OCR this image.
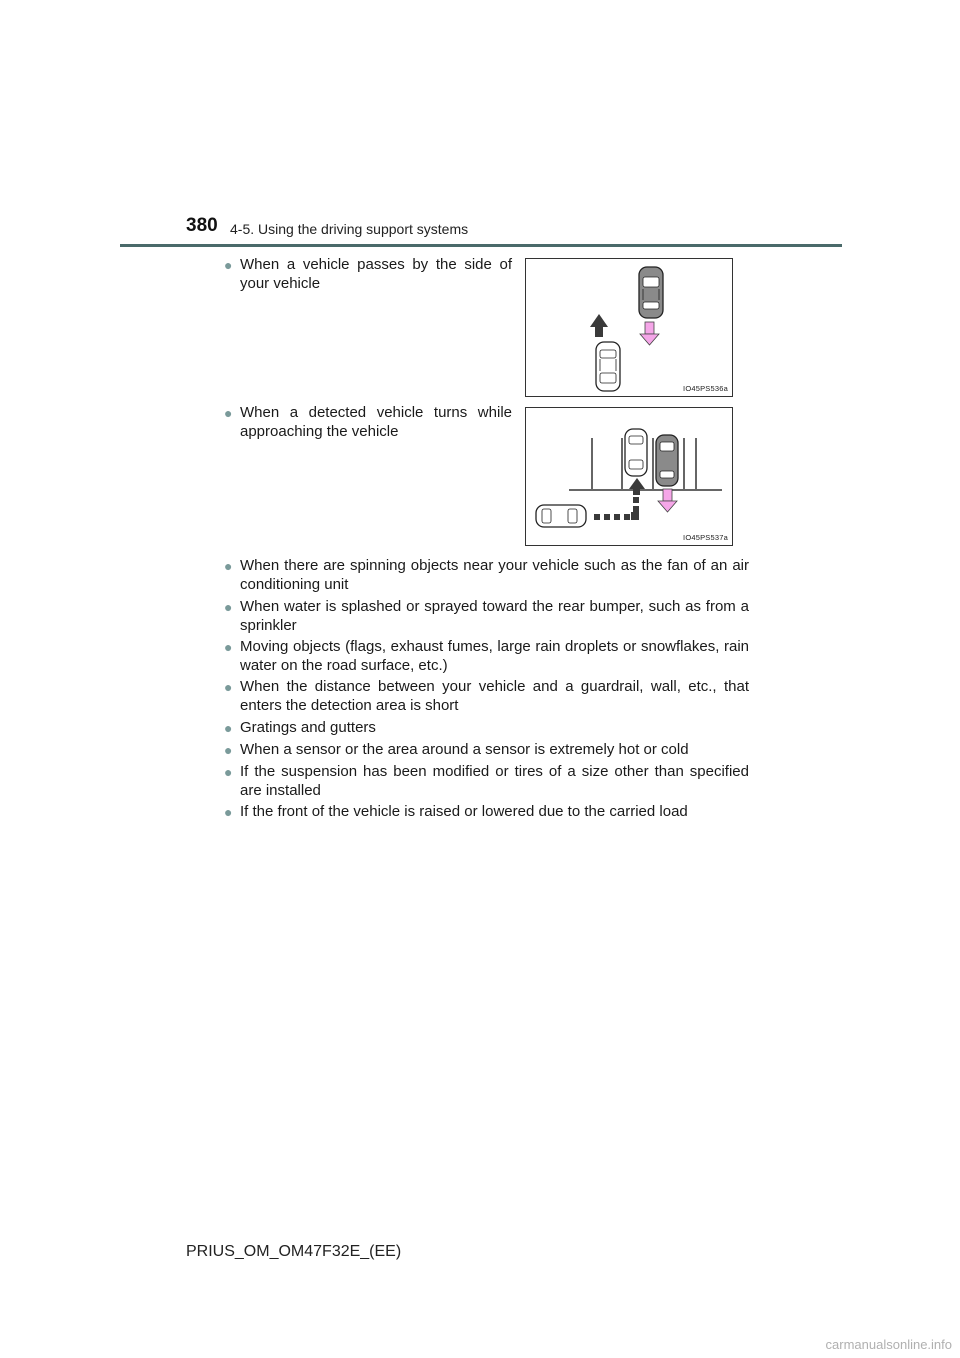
380 4-5. Using the driving support systems
● When a vehicle passes by the side of your vehicle
IO45PS536a
● When a detected vehicle turns while approaching the vehicle
IO45PS537a
● When there are spinning objects near your vehicle such as the fan of an air conditioning unit
● When water is splashed or sprayed toward the rear bumper, such as from a sprinkler
● Moving objects (flags, exhaust fumes, large rain droplets or snowflakes, rain water on the road surface, etc.)
● When the distance between your vehicle and a guardrail, wall, etc., that enters the detection area is short
● Gratings and gutters
● When a sensor or the area around a sensor is extremely hot or cold
● If the suspension has been modified or tires of a size other than specified are installed
● If the front of the vehicle is raised or lowered due to the carried load
PRIUS_OM_OM47F32E_(EE)
carmanualsonline.info
